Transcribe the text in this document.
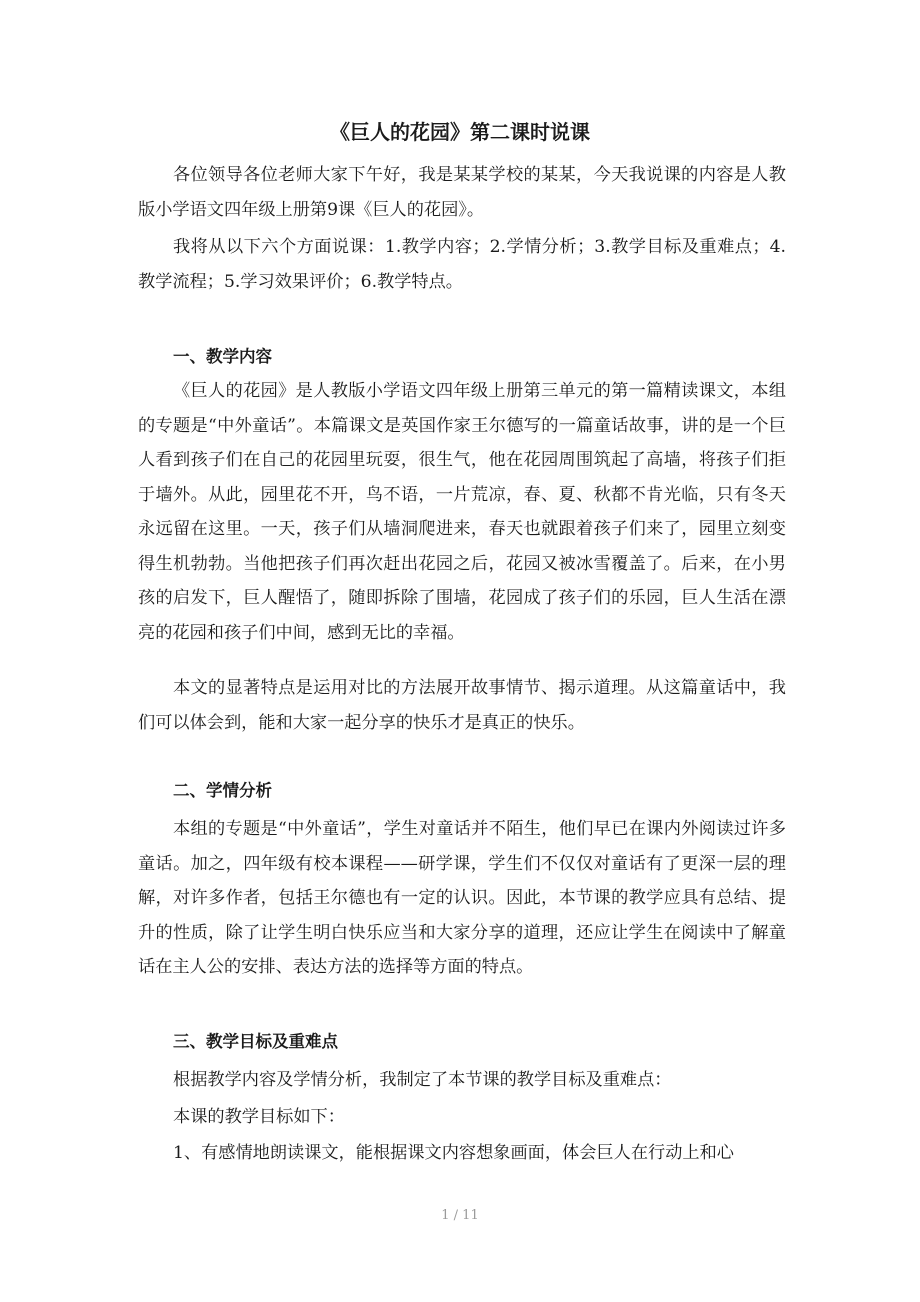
《巨人的花园》第二课时说课

各位领导各位老师大家下午好，我是某某学校的某某，今天我说课的内容是人教版小学语文四年级上册第9课《巨人的花园》。

我将从以下六个方面说课：1.教学内容；2.学情分析；3.教学目标及重难点；4.教学流程；5.学习效果评价；6.教学特点。

一、教学内容

《巨人的花园》是人教版小学语文四年级上册第三单元的第一篇精读课文，本组的专题是“中外童话”。本篇课文是英国作家王尔德写的一篇童话故事，讲的是一个巨人看到孩子们在自己的花园里玩耍，很生气，他在花园周围筑起了高墙，将孩子们拒于墙外。从此，园里花不开，鸟不语，一片荒凉，春、夏、秋都不肯光临，只有冬天永远留在这里。一天，孩子们从墙洞爬进来，春天也就跟着孩子们来了，园里立刻变得生机勃勃。当他把孩子们再次赶出花园之后，花园又被冰雪覆盖了。后来，在小男孩的启发下，巨人醒悟了，随即拆除了围墙，花园成了孩子们的乐园，巨人生活在漂亮的花园和孩子们中间，感到无比的幸福。

本文的显著特点是运用对比的方法展开故事情节、揭示道理。从这篇童话中，我们可以体会到，能和大家一起分享的快乐才是真正的快乐。

二、学情分析

本组的专题是“中外童话”，学生对童话并不陌生，他们早已在课内外阅读过许多童话。加之，四年级有校本课程——研学课，学生们不仅仅对童话有了更深一层的理解，对许多作者，包括王尔德也有一定的认识。因此，本节课的教学应具有总结、提升的性质，除了让学生明白快乐应当和大家分享的道理，还应让学生在阅读中了解童话在主人公的安排、表达方法的选择等方面的特点。

三、教学目标及重难点

根据教学内容及学情分析，我制定了本节课的教学目标及重难点：

本课的教学目标如下：

1、有感情地朗读课文，能根据课文内容想象画面，体会巨人在行动上和心

1 / 11
